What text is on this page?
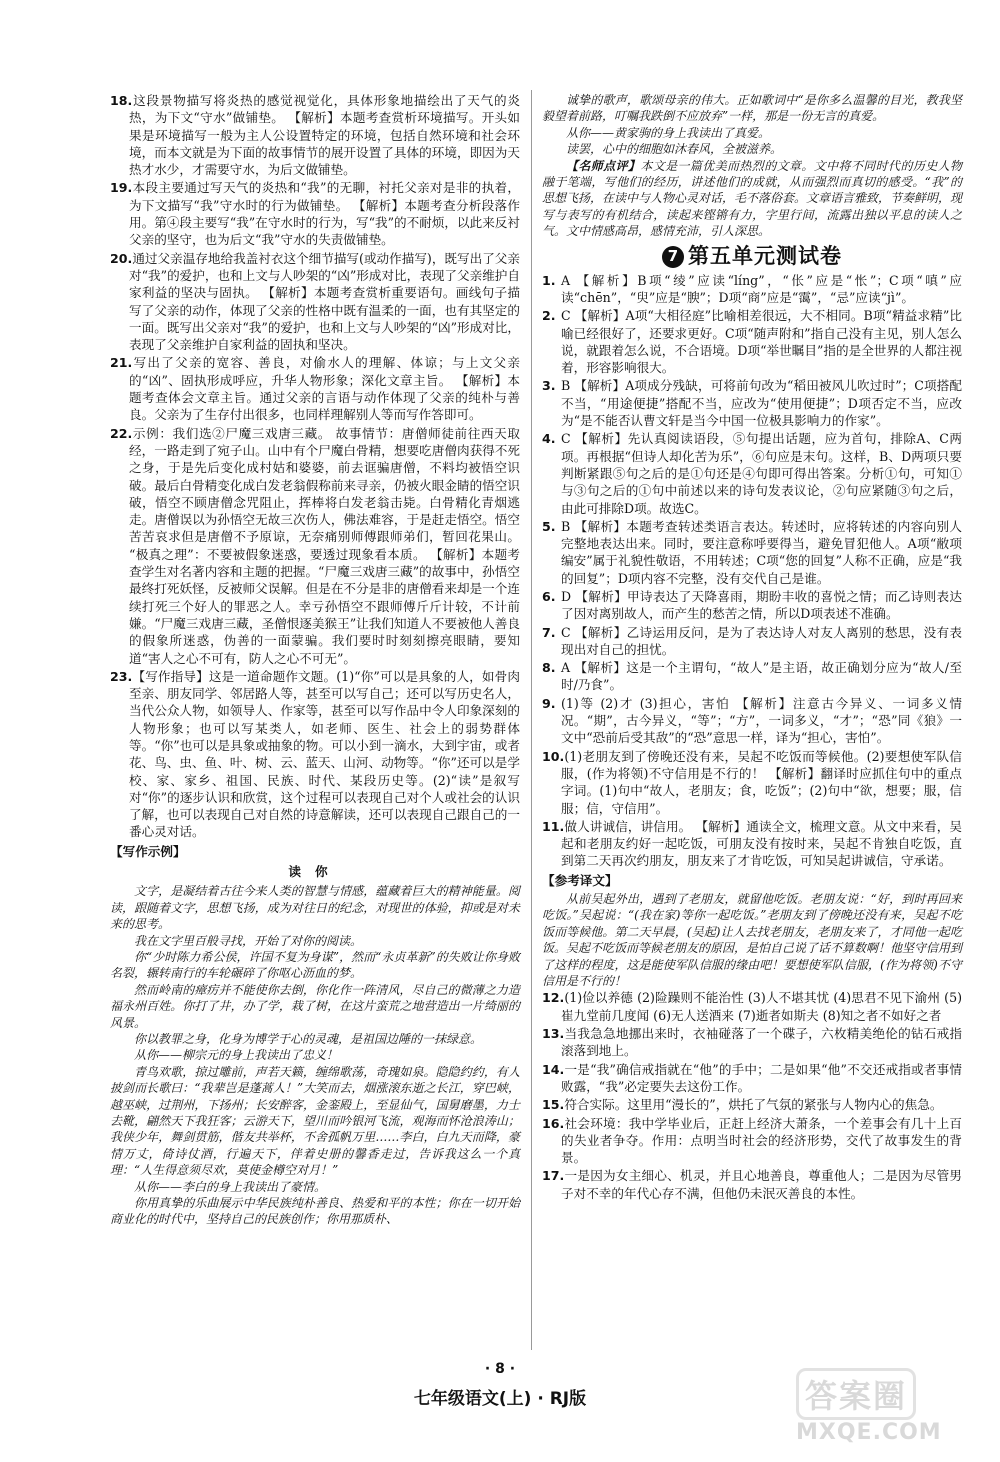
18.这段景物描写将炎热的感觉视觉化，具体形象地描绘出了天气的炎热，为下文“守水”做铺垫。 【解析】本题考查赏析环境描写。开头如果是环境描写一般为主人公设置特定的环境，包括自然环境和社会环境，而本文就是为下面的故事情节的展开设置了具体的环境，即因为天热才水少，才需要守水，为后文做铺垫。
19.本段主要通过写天气的炎热和“我”的无聊，衬托父亲对是非的执着，为下文描写“我”守水时的行为做铺垫。 【解析】本题考查分析段落作用。第④段主要写“我”在守水时的行为，写“我”的不耐烦，以此来反衬父亲的坚守，也为后文“我”守水的失责做铺垫。
20.通过父亲温存地给我盖衬衣这个细节描写(或动作描写)，既写出了父亲对“我”的爱护，也和上文与人吵架的“凶”形成对比，表现了父亲维护自家利益的坚决与固执。 【解析】本题考查赏析重要语句。画线句子描写了父亲的动作，体现了父亲的性格中既有温柔的一面，也有其坚定的一面。既写出父亲对“我”的爱护，也和上文与人吵架的“凶”形成对比，表现了父亲维护自家利益的固执和坚决。
21.写出了父亲的宽容、善良，对偷水人的理解、体谅；与上文父亲的“凶”、固执形成呼应，升华人物形象；深化文章主旨。 【解析】本题考查体会文章主旨。通过父亲的言语与动作体现了父亲的纯朴与善良。父亲为了生存付出很多，也同样理解别人等而写作答即可。
22.示例：我们选②尸魔三戏唐三藏。 故事情节：唐僧师徒前往西天取经，一路走到了宛子山。山中有个尸魔白骨精，想要吃唐僧肉获得不死之身，于是先后变化成村姑和婆婆，前去诓骗唐僧，不料均被悟空识破。最后白骨精变化成白发老翁假称前来寻亲，仍被火眼金睛的悟空识破，悟空不顾唐僧念咒阻止，挥棒将白发老翁击毙。白骨精化青烟逃走。唐僧误以为孙悟空无故三次伤人，佛法难容，于是赶走悟空。悟空苦苦哀求但是唐僧不予原谅，无奈痛别师傅跟师弟们，暂回花果山。 “极真之理”：不要被假象迷惑，要透过现象看本质。 【解析】本题考查学生对名著内容和主题的把握。“尸魔三戏唐三藏”的故事中，孙悟空最终打死妖怪，反被师父误解。但是在不分是非的唐僧看来却是一个连续打死三个好人的罪恶之人。幸亏孙悟空不跟师傅斤斤计较，不计前嫌。“尸魔三戏唐三藏，圣僧恨逐美猴王”让我们知道人不要被他人善良的假象所迷惑，伪善的一面蒙骗。我们要时时刻刻擦亮眼睛，要知道“害人之心不可有，防人之心不可无”。
23.【写作指导】这是一道命题作文题。(1)“你”可以是具象的人，如骨肉至亲、朋友同学、邻居路人等，甚至可以写自己；还可以写历史名人，当代公众人物，如领导人、作家等，甚至可以写作品中令人印象深刻的人物形象；也可以写某类人，如老师、医生、社会上的弱势群体等。“你”也可以是具象或抽象的物。可以小到一滴水，大到宇宙，或者花、鸟、虫、鱼、叶、树、云、蓝天、山河、动物等。“你”还可以是学校、家、家乡、祖国、民族、时代、某段历史等。(2)“读”是叙写对“你”的逐步认识和欣赏，这个过程可以表现自己对个人或社会的认识了解，也可以表现自己对自然的诗意解读，还可以表现自己跟自己的一番心灵对话。
【写作示例】
读你

文字，是凝结着古往今来人类的智慧与情感，蕴藏着巨大的精神能量。阅读，跟随着文字，思想飞扬，成为对往日的纪念，对现世的体验，抑或是对未来的思考。

我在文字里百般寻找，开始了对你的阅读。

你“少时陈力希公侯，许国不复为身谋”，然而“永贞革新”的失败让你身败名裂，辗转南行的车轮碾碎了你呕心沥血的梦。

然而岭南的瘴疠并不能使你去倒，你化作一阵清风，尽自己的微薄之力造福永州百姓。你打了井，办了学，栽了树，在这片蛮荒之地营造出一片绮丽的风景。

你以教罪之身，化身为博学于心的灵魂，是祖国边陲的一抹绿意。

从你——柳宗元的身上我读出了忠义！

青鸟欢歌，掠过雕前，声若天籁，缠绵歌荡，奇瑰如泉。隐隐约约，有人披剑而长歌曰：“我辈岂是蓬蒿人！”大笑而去，烟涨滚东逝之长江，穿巴峡，越巫峡，过荆州，下扬州；长安醉客，金銮殿上，至显仙气，国舅磨墨，力士去靴，翩然天下我狂客；云游天下，望川而吟银河飞流，观海而怀沧浪涛山；我侠少年，舞剑贯筋，偕友共举杯，不舍孤帆万里……李白，白九天而降，豪情万丈，倚诗仗酒，行遍天下，伴着史册的馨香走过，告诉我这么一个真理：“人生得意须尽欢，莫使金樽空对月！”

从你——李白的身上我读出了豪情。

你用真挚的乐曲展示中华民族纯朴善良、热爱和平的本性；你在一切开始商业化的时代中，坚持自己的民族创作；你用那质朴、

诚挚的歌声，歌颂母亲的伟大。正如歌词中“是你多么温馨的目光，教我坚毅望着前路，叮嘱我跌倒不应放弃”一样，那是一份无言的真爱。

从你——黄家驹的身上我读出了真爱。

读罢，心中的细胞如沐春风，全被滋养。

【名师点评】本文是一篇优美而热烈的文章。文中将不同时代的历史人物融于笔端，写他们的经历，讲述他们的成就，从而强烈而真切的感受。“我”的思想飞扬，在读中与人物心灵对话，毛不落俗套。文章语言雅致，节奏鲜明，现写与表写的有机结合，读起来铿锵有力，字里行间，流露出独以平息的读人之气。文中情感高昂，感情充沛，引人深思。

7 第五单元测试卷
1. A 【解析】B项“绫”应读“líng”，“伥”应是“怅”；C项“嗔”应读“chēn”，“臾”应是“腴”；D项“商”应是“霭”，“忌”应读“jì”。
2. C 【解析】A项“大相径庭”比喻相差很远，大不相同。B项“精益求精”比喻已经很好了，还要求更好。C项“随声附和”指自己没有主见，别人怎么说，就跟着怎么说，不合语境。D项“举世瞩目”指的是全世界的人都注视着，形容影响很大。
3. B 【解析】A项成分残缺，可将前句改为“稻田被风儿吹过时”；C项搭配不当，“用途便捷”搭配不当，应改为“使用便捷”；D项否定不当，应改为“是不能否认曹文轩是当今中国一位极具影响力的作家”。
4. C 【解析】先认真阅读语段，⑤句提出话题，应为首句，排除A、C两项。再根据“但诗人却化苦为乐”，⑥句应是末句。这样，B、D两项只要判断紧跟⑤句之后的是①句还是④句即可得出答案。分析①句，可知①与③句之后的①句中前述以来的诗句发表议论，②句应紧随③句之后，由此可排除D项。故选C。
5. B 【解析】本题考查转述类语言表达。转述时，应将转述的内容向别人完整地表达出来。同时，要注意称呼要得当，避免冒犯他人。A项“敝项编安”属于礼貌性敬语，不用转述；C项“您的回复”人称不正确，应是“我的回复”；D项内容不完整，没有交代自己是谁。
6. D 【解析】甲诗表达了天降喜雨，期盼丰收的喜悦之情；而乙诗则表达了因对离别故人，而产生的愁苦之情，所以D项表述不准确。
7. C 【解析】乙诗运用反问，是为了表达诗人对友人离别的愁思，没有表现出对自己的担忧。
8. A 【解析】这是一个主谓句，“故人”是主语，故正确划分应为“故人/至时/乃食”。
9. (1)等 (2)才 (3)担心，害怕 【解析】注意古今异义、一词多义情况。“期”，古今异义，“等”；“方”，一词多义，“才”；“恐”同《狼》一文中“恐前后受其敌”的“恐”意思一样，译为“担心，害怕”。
10.(1)老朋友到了傍晚还没有来，吴起不吃饭而等候他。(2)要想使军队信服，(作为将领)不守信用是不行的！ 【解析】翻译时应抓住句中的重点字词。(1)句中“故人，老朋友；食，吃饭”；(2)句中“欲，想要；服，信服；信，守信用”。
11.做人讲诚信，讲信用。 【解析】通读全文，梳理文意。从文中来看，吴起和老朋友约好一起吃饭，可朋友没有按时来，吴起不肯独自吃饭，直到第二天再次约朋友，朋友来了才肯吃饭，可知吴起讲诚信，守承诺。
【参考译文】

从前吴起外出，遇到了老朋友，就留他吃饭。老朋友说：“好，到时再回来吃饭。”吴起说：“(我在家)等你一起吃饭。”老朋友到了傍晚还没有来，吴起不吃饭而等候他。第二天早晨，(吴起)让人去找老朋友，老朋友来了，才同他一起吃饭。吴起不吃饭而等候老朋友的原因，是怕自己说了话不算数啊！他坚守信用到了这样的程度，这是能使军队信服的缘由吧！要想使军队信服，(作为将领)不守信用是不行的！

12.(1)俭以养德 (2)险躁则不能治性 (3)人不堪其忧 (4)思君不见下渝州 (5)崔九堂前几度闻 (6)无人送酒来 (7)逝者如斯夫 (8)知之者不如好之者
13.当我急急地挪出来时，衣袖碰落了一个碟子，六枚精美绝伦的钻石戒指滚落到地上。
14.一是“我”确信戒指就在“他”的手中；二是如果“他”不交还戒指或者事情败露，“我”必定要失去这份工作。
15.符合实际。这里用“漫长的”，烘托了气氛的紧张与人物内心的焦急。
16.社会环境：我中学毕业后，正赶上经济大萧条，一个差事会有几十上百的失业者争夺。作用：点明当时社会的经济形势，交代了故事发生的背景。
17.一是因为女主细心、机灵，并且心地善良，尊重他人；二是因为尽管男子对不幸的年代心存不满，但他仍未泯灭善良的本性。
· 8 ·
七年级语文(上) · RJ版	答案圈
MXQE.COM
